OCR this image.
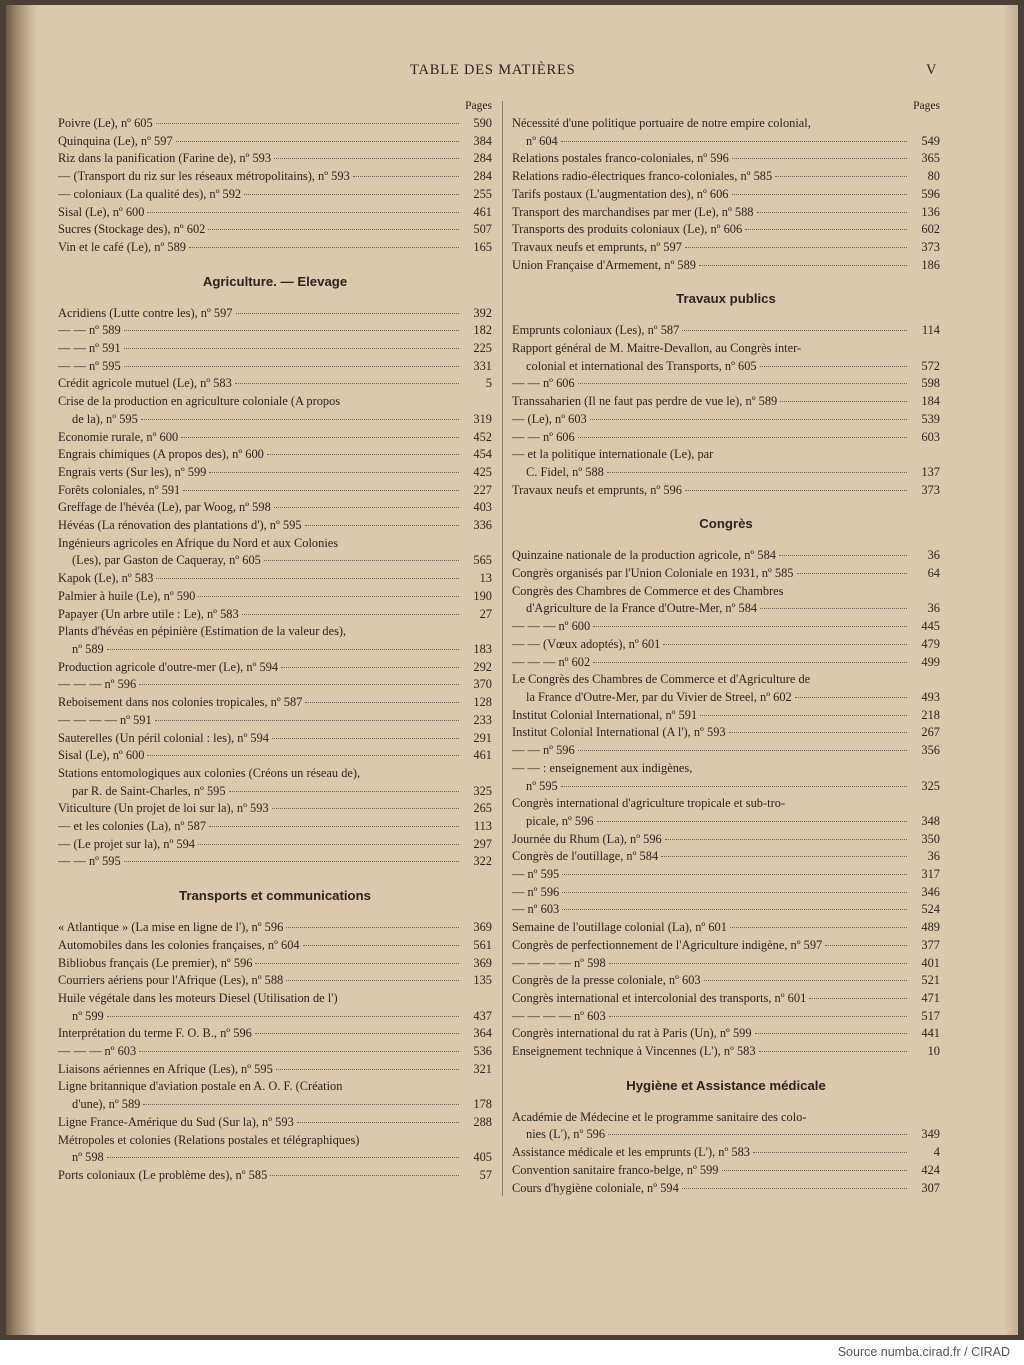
TABLE DES MATIÈRES	V
Pages
Poivre (Le), nº 605	590
Quinquina (Le), nº 597	384
Riz dans la panification (Farine de), nº 593	284
— (Transport du riz sur les réseaux métropolitains), nº 593	284
— coloniaux (La qualité des), nº 592	255
Sisal (Le), nº 600	461
Sucres (Stockage des), nº 602	507
Vin et le café (Le), nº 589	165
Agriculture. — Elevage
Acridiens (Lutte contre les), nº 597	392
— — nº 589	182
— — nº 591	225
— — nº 595	331
Crédit agricole mutuel (Le), nº 583	5
Crise de la production en agriculture coloniale (A propos
de la), nº 595	319
Economie rurale, nº 600	452
Engrais chimiques (A propos des), nº 600	454
Engrais verts (Sur les), nº 599	425
Forêts coloniales, nº 591	227
Greffage de l'hévéa (Le), par Woog, nº 598	403
Hévéas (La rénovation des plantations d'), nº 595	336
Ingénieurs agricoles en Afrique du Nord et aux Colonies
(Les), par Gaston de Caqueray, nº 605	565
Kapok (Le), nº 583	13
Palmier à huile (Le), nº 590	190
Papayer (Un arbre utile : Le), nº 583	27
Plants d'hévéas en pépinière (Estimation de la valeur des),
nº 589	183
Production agricole d'outre-mer (Le), nº 594	292
— — — nº 596	370
Reboisement dans nos colonies tropicales, nº 587	128
— — — — nº 591	233
Sauterelles (Un péril colonial : les), nº 594	291
Sisal (Le), nº 600	461
Stations entomologiques aux colonies (Créons un réseau de),
par R. de Saint-Charles, nº 595	325
Viticulture (Un projet de loi sur la), nº 593	265
— et les colonies (La), nº 587	113
— (Le projet sur la), nº 594	297
— — nº 595	322
Transports et communications
« Atlantique » (La mise en ligne de l'), nº 596	369
Automobiles dans les colonies françaises, nº 604	561
Bibliobus français (Le premier), nº 596	369
Courriers aériens pour l'Afrique (Les), nº 588	135
Huile végétale dans les moteurs Diesel (Utilisation de l')
nº 599	437
Interprétation du terme F. O. B., nº 596	364
— — — nº 603	536
Liaisons aériennes en Afrique (Les), nº 595	321
Ligne britannique d'aviation postale en A. O. F. (Création
d'une), nº 589	178
Ligne France-Amérique du Sud (Sur la), nº 593	288
Métropoles et colonies (Relations postales et télégraphiques)
nº 598	405
Ports coloniaux (Le problème des), nº 585	57
Pages
Nécessité d'une politique portuaire de notre empire colonial,
nº 604	549
Relations postales franco-coloniales, nº 596	365
Relations radio-électriques franco-coloniales, nº 585	80
Tarifs postaux (L'augmentation des), nº 606	596
Transport des marchandises par mer (Le), nº 588	136
Transports des produits coloniaux (Le), nº 606	602
Travaux neufs et emprunts, nº 597	373
Union Française d'Armement, nº 589	186
Travaux publics
Emprunts coloniaux (Les), nº 587	114
Rapport général de M. Maitre-Devallon, au Congrès inter-
colonial et international des Transports, nº 605	572
— — nº 606	598
Transsaharien (Il ne faut pas perdre de vue le), nº 589	184
— (Le), nº 603	539
— — nº 606	603
— et la politique internationale (Le), par
C. Fidel, nº 588	137
Travaux neufs et emprunts, nº 596	373
Congrès
Quinzaine nationale de la production agricole, nº 584	36
Congrès organisés par l'Union Coloniale en 1931, nº 585	64
Congrès des Chambres de Commerce et des Chambres
d'Agriculture de la France d'Outre-Mer, nº 584	36
— — — nº 600	445
— — (Vœux adoptés), nº 601	479
— — — nº 602	499
Le Congrès des Chambres de Commerce et d'Agriculture de
la France d'Outre-Mer, par du Vivier de Streel, nº 602	493
Institut Colonial International, nº 591	218
Institut Colonial International (A l'), nº 593	267
— — nº 596	356
— — : enseignement aux indigènes,
nº 595	325
Congrès international d'agriculture tropicale et sub-tro-
picale, nº 596	348
Journée du Rhum (La), nº 596	350
Congrès de l'outillage, nº 584	36
— nº 595	317
— nº 596	346
— nº 603	524
Semaine de l'outillage colonial (La), nº 601	489
Congrès de perfectionnement de l'Agriculture indigène, nº 597	377
— — — — nº 598	401
Congrès de la presse coloniale, nº 603	521
Congrès international et intercolonial des transports, nº 601	471
— — — — nº 603	517
Congrès international du rat à Paris (Un), nº 599	441
Enseignement technique à Vincennes (L'), nº 583	10
Hygiène et Assistance médicale
Académie de Médecine et le programme sanitaire des colo-
nies (L'), nº 596	349
Assistance médicale et les emprunts (L'), nº 583	4
Convention sanitaire franco-belge, nº 599	424
Cours d'hygiène coloniale, nº 594	307
Source numba.cirad.fr / CIRAD
